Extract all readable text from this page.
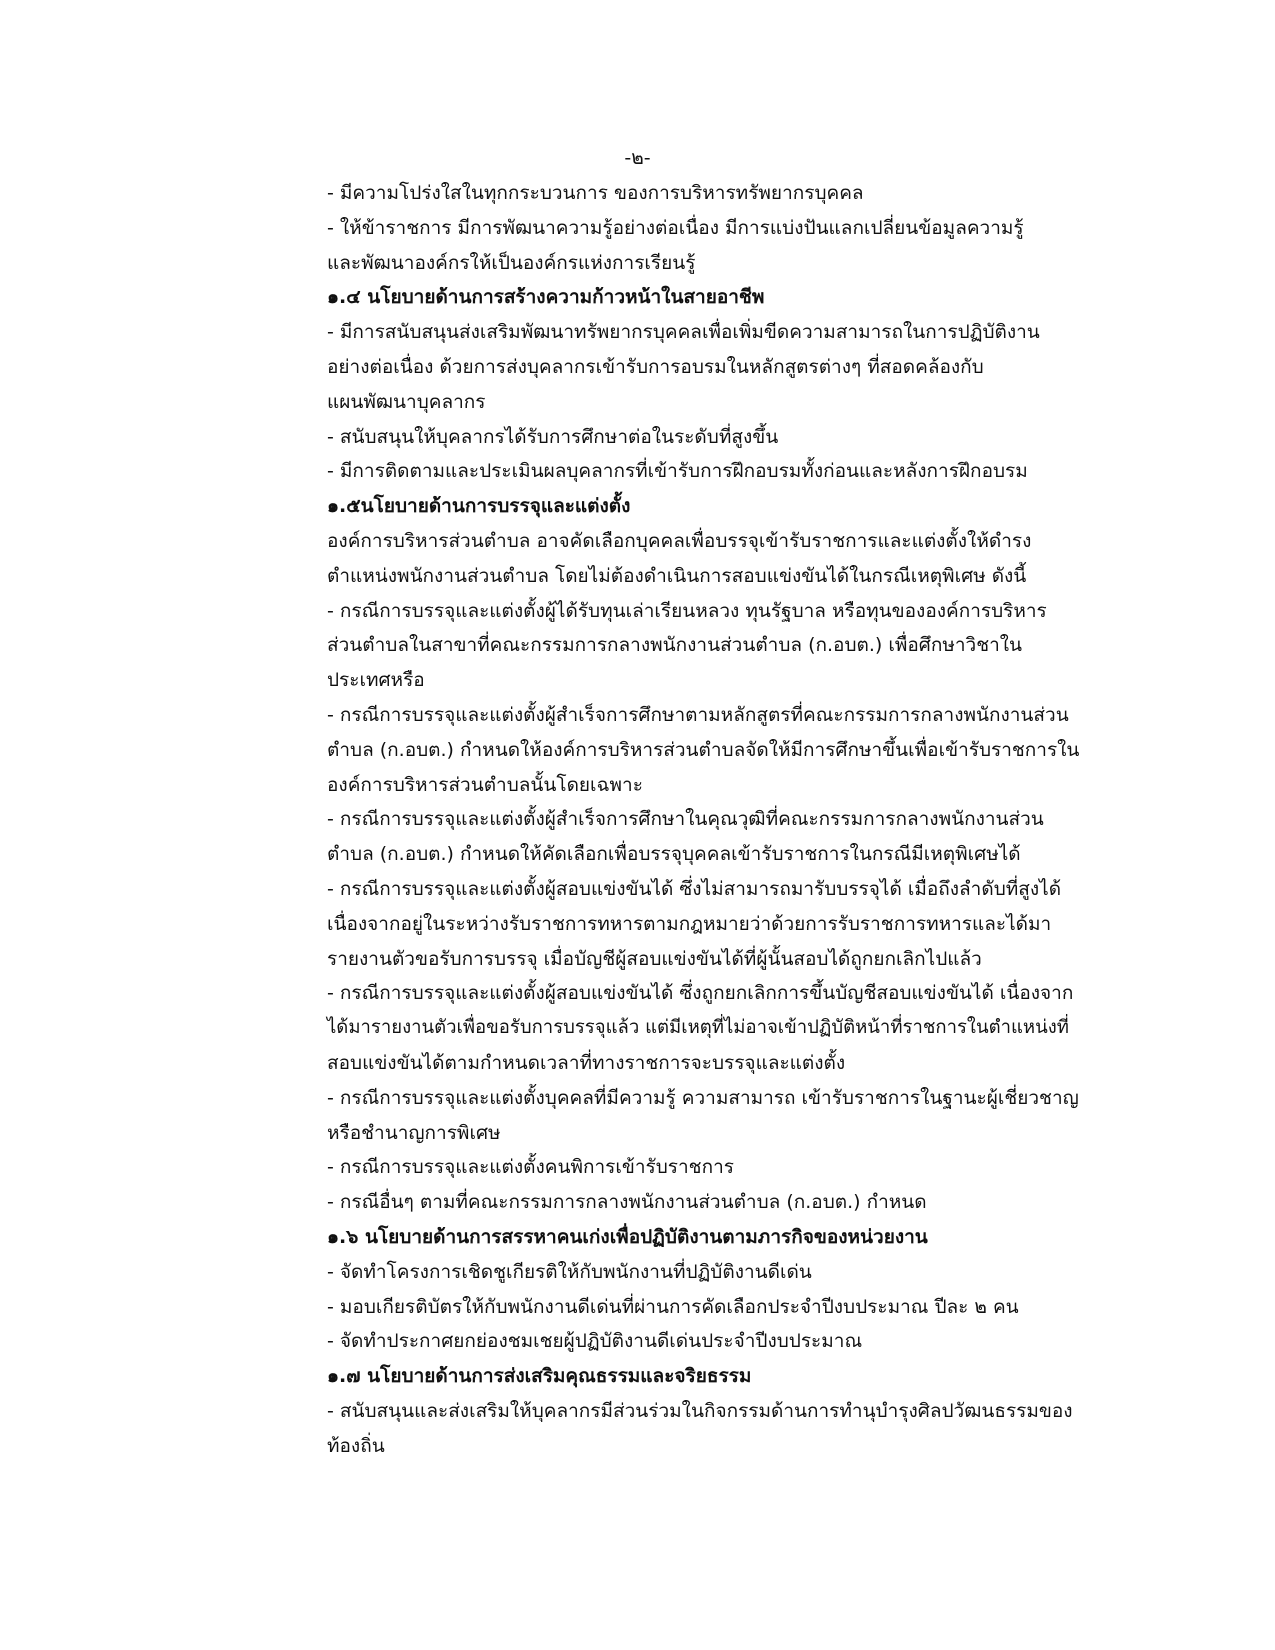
-๒-
- มีความโปร่งใสในทุกกระบวนการ ของการบริหารทรัพยากรบุคคล
- ให้ข้าราชการ มีการพัฒนาความรู้อย่างต่อเนื่อง มีการแบ่งปันแลกเปลี่ยนข้อมูลความรู้
และพัฒนาองค์กรให้เป็นองค์กรแห่งการเรียนรู้
๑.๔ นโยบายด้านการสร้างความก้าวหน้าในสายอาชีพ
- มีการสนับสนุนส่งเสริมพัฒนาทรัพยากรบุคคลเพื่อเพิ่มขีดความสามารถในการปฏิบัติงาน
อย่างต่อเนื่อง ด้วยการส่งบุคลากรเข้ารับการอบรมในหลักสูตรต่างๆ ที่สอดคล้องกับ
แผนพัฒนาบุคลากร
- สนับสนุนให้บุคลากรได้รับการศึกษาต่อในระดับที่สูงขึ้น
- มีการติดตามและประเมินผลบุคลากรที่เข้ารับการฝึกอบรมทั้งก่อนและหลังการฝึกอบรม
๑.๕นโยบายด้านการบรรจุและแต่งตั้ง
องค์การบริหารส่วนตำบล อาจคัดเลือกบุคคลเพื่อบรรจุเข้ารับราชการและแต่งตั้งให้ดำรง
ตำแหน่งพนักงานส่วนตำบล โดยไม่ต้องดำเนินการสอบแข่งขันได้ในกรณีเหตุพิเศษ ดังนี้
- กรณีการบรรจุและแต่งตั้งผู้ได้รับทุนเล่าเรียนหลวง ทุนรัฐบาล หรือทุนขององค์การบริหาร
ส่วนตำบลในสาขาที่คณะกรรมการกลางพนักงานส่วนตำบล (ก.อบต.) เพื่อศึกษาวิชาใน
ประเทศหรือ
- กรณีการบรรจุและแต่งตั้งผู้สำเร็จการศึกษาตามหลักสูตรที่คณะกรรมการกลางพนักงานส่วน
ตำบล (ก.อบต.) กำหนดให้องค์การบริหารส่วนตำบลจัดให้มีการศึกษาขึ้นเพื่อเข้ารับราชการใน
องค์การบริหารส่วนตำบลนั้นโดยเฉพาะ
- กรณีการบรรจุและแต่งตั้งผู้สำเร็จการศึกษาในคุณวุฒิที่คณะกรรมการกลางพนักงานส่วน
ตำบล (ก.อบต.) กำหนดให้คัดเลือกเพื่อบรรจุบุคคลเข้ารับราชการในกรณีมีเหตุพิเศษได้
- กรณีการบรรจุและแต่งตั้งผู้สอบแข่งขันได้ ซึ่งไม่สามารถมารับบรรจุได้ เมื่อถึงลำดับที่สูงได้
เนื่องจากอยู่ในระหว่างรับราชการทหารตามกฎหมายว่าด้วยการรับราชการทหารและได้มา
รายงานตัวขอรับการบรรจุ เมื่อบัญชีผู้สอบแข่งขันได้ที่ผู้นั้นสอบได้ถูกยกเลิกไปแล้ว
- กรณีการบรรจุและแต่งตั้งผู้สอบแข่งขันได้ ซึ่งถูกยกเลิกการขึ้นบัญชีสอบแข่งขันได้ เนื่องจาก
ได้มารายงานตัวเพื่อขอรับการบรรจุแล้ว แต่มีเหตุที่ไม่อาจเข้าปฏิบัติหน้าที่ราชการในตำแหน่งที่
สอบแข่งขันได้ตามกำหนดเวลาที่ทางราชการจะบรรจุและแต่งตั้ง
- กรณีการบรรจุและแต่งตั้งบุคคลที่มีความรู้ ความสามารถ เข้ารับราชการในฐานะผู้เชี่ยวชาญ
หรือชำนาญการพิเศษ
- กรณีการบรรจุและแต่งตั้งคนพิการเข้ารับราชการ
- กรณีอื่นๆ ตามที่คณะกรรมการกลางพนักงานส่วนตำบล (ก.อบต.) กำหนด
๑.๖ นโยบายด้านการสรรหาคนเก่งเพื่อปฏิบัติงานตามภารกิจของหน่วยงาน
- จัดทำโครงการเชิดชูเกียรติให้กับพนักงานที่ปฏิบัติงานดีเด่น
- มอบเกียรติบัตรให้กับพนักงานดีเด่นที่ผ่านการคัดเลือกประจำปีงบประมาณ ปีละ ๒ คน
- จัดทำประกาศยกย่องชมเชยผู้ปฏิบัติงานดีเด่นประจำปีงบประมาณ
๑.๗ นโยบายด้านการส่งเสริมคุณธรรมและจริยธรรม
- สนับสนุนและส่งเสริมให้บุคลากรมีส่วนร่วมในกิจกรรมด้านการทำนุบำรุงศิลปวัฒนธรรมของ
ท้องถิ่น
